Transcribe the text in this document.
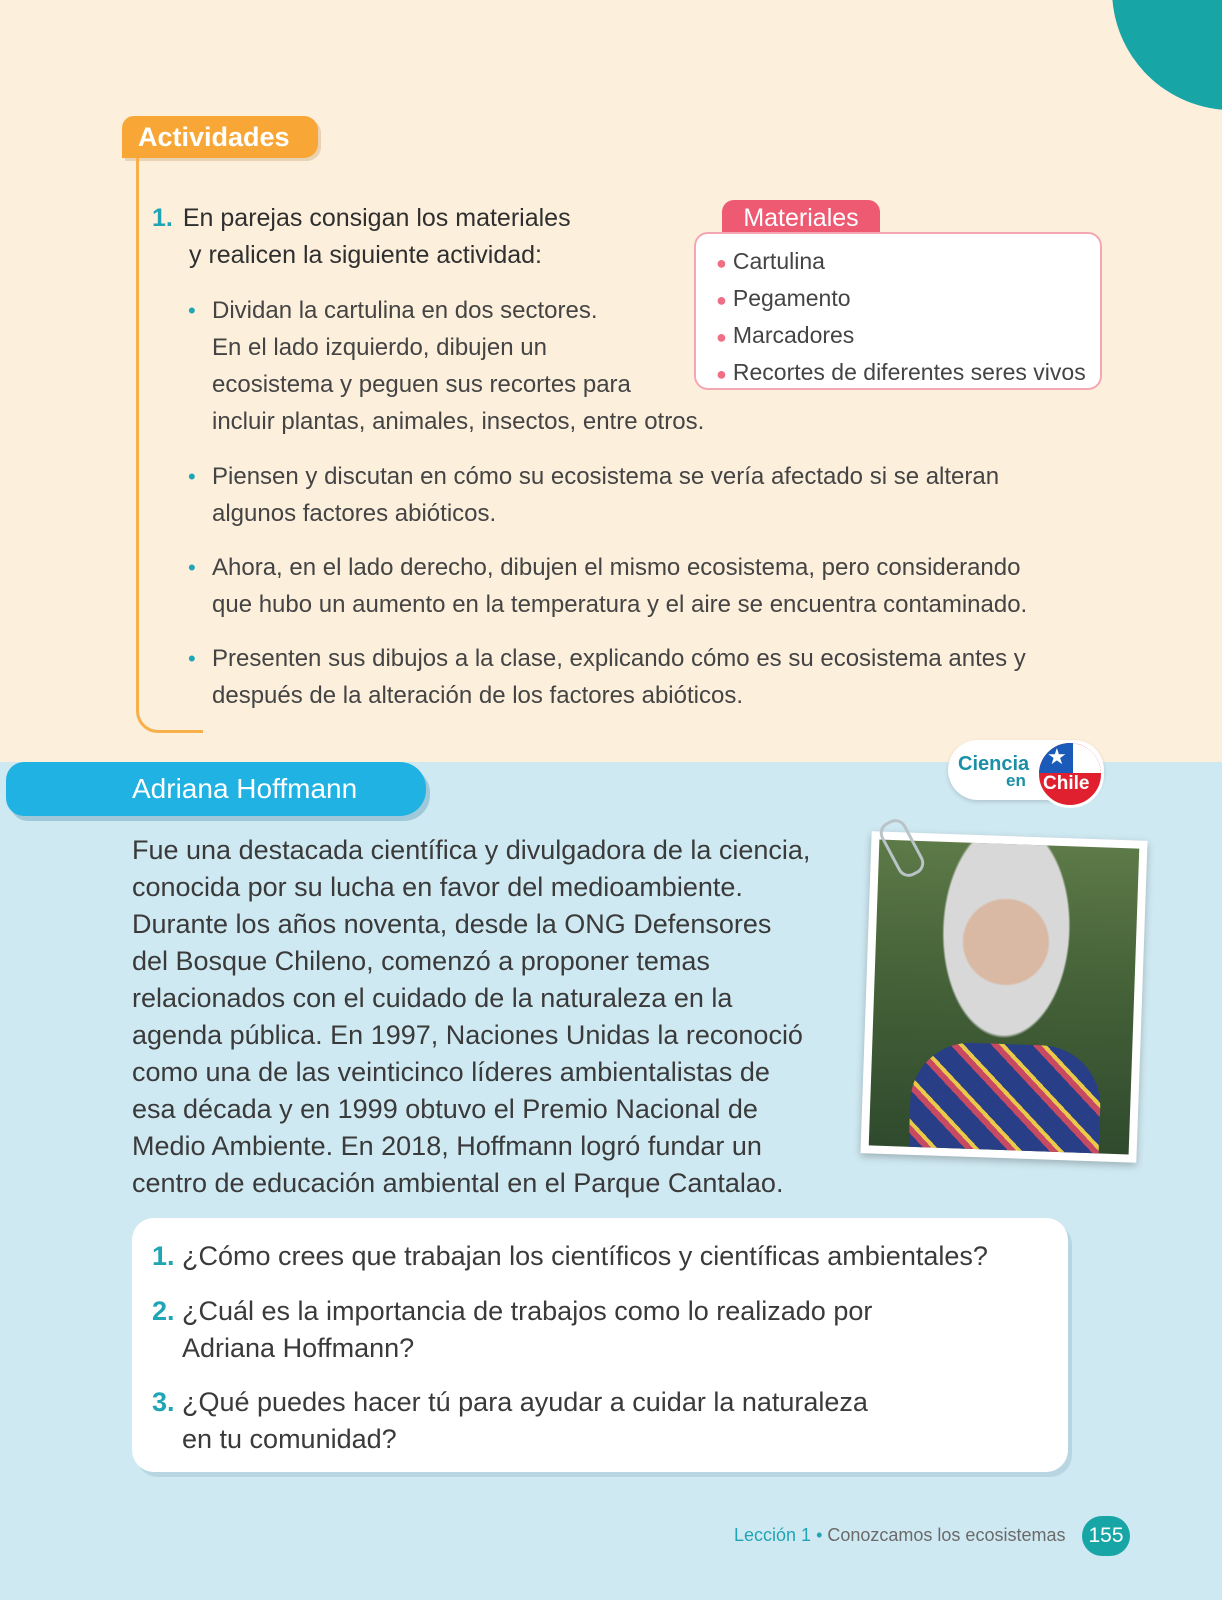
Actividades
1. En parejas consigan los materiales
y realicen la siguiente actividad:
• Dividan la cartulina en dos sectores.
En el lado izquierdo, dibujen un
ecosistema y peguen sus recortes para
incluir plantas, animales, insectos, entre otros.
• Piensen y discutan en cómo su ecosistema se vería afectado si se alteran
algunos factores abióticos.
• Ahora, en el lado derecho, dibujen el mismo ecosistema, pero considerando
que hubo un aumento en la temperatura y el aire se encuentra contaminado.
• Presenten sus dibujos a la clase, explicando cómo es su ecosistema antes y
después de la alteración de los factores abióticos.
Materiales
● Cartulina
● Pegamento
● Marcadores
● Recortes de diferentes seres vivos
Adriana Hoffmann
Ciencia
en
★
Chile
Fue una destacada científica y divulgadora de la ciencia,
conocida por su lucha en favor del medioambiente.
Durante los años noventa, desde la ONG Defensores
del Bosque Chileno, comenzó a proponer temas
relacionados con el cuidado de la naturaleza en la
agenda pública. En 1997, Naciones Unidas la reconoció
como una de las veinticinco líderes ambientalistas de
esa década y en 1999 obtuvo el Premio Nacional de
Medio Ambiente. En 2018, Hoffmann logró fundar un
centro de educación ambiental en el Parque Cantalao.
1. ¿Cómo crees que trabajan los científicos y científicas ambientales?
2. ¿Cuál es la importancia de trabajos como lo realizado por
Adriana Hoffmann?
3. ¿Qué puedes hacer tú para ayudar a cuidar la naturaleza
en tu comunidad?
Lección 1 • Conozcamos los ecosistemas	155
